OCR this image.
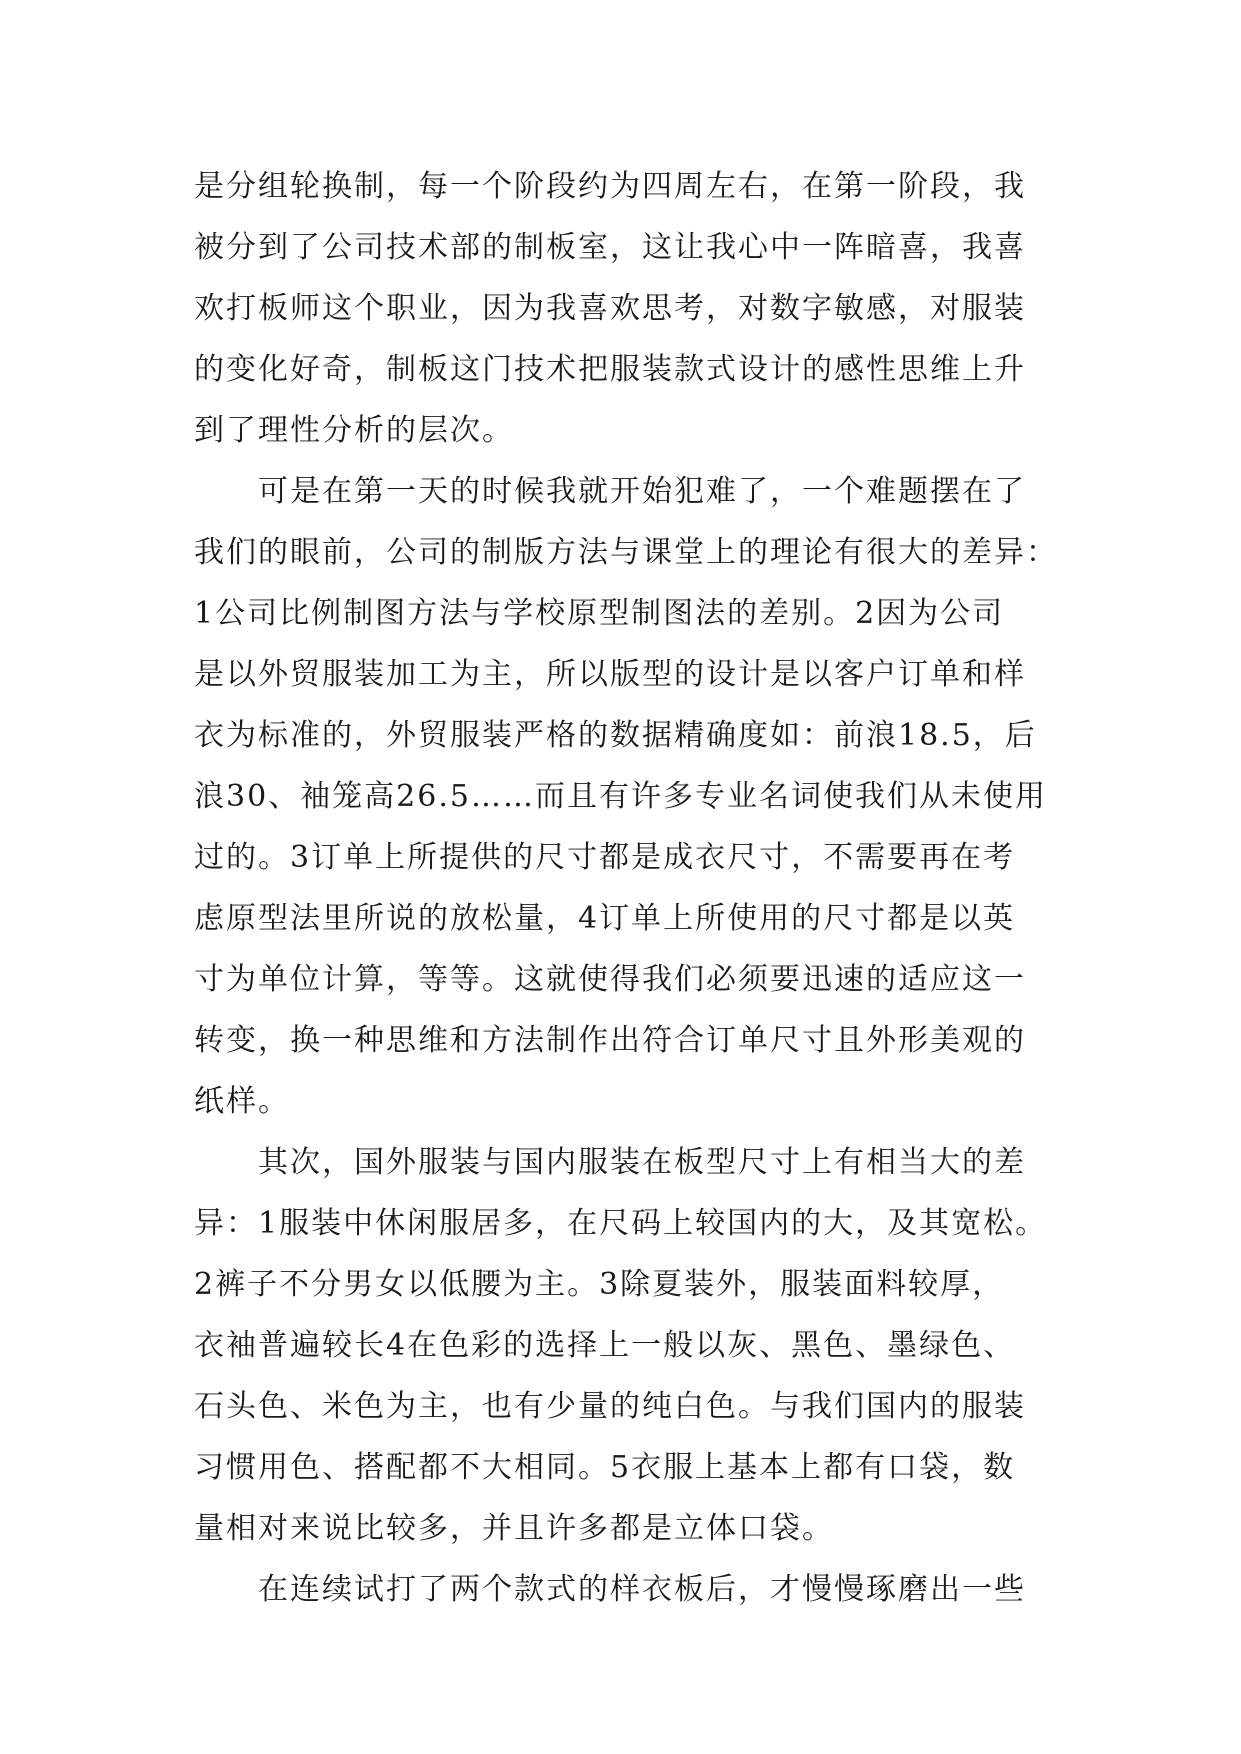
是分组轮换制，每一个阶段约为四周左右，在第一阶段，我
被分到了公司技术部的制板室，这让我心中一阵暗喜，我喜
欢打板师这个职业，因为我喜欢思考，对数字敏感，对服装
的变化好奇，制板这门技术把服装款式设计的感性思维上升
到了理性分析的层次。
可是在第一天的时候我就开始犯难了，一个难题摆在了
我们的眼前，公司的制版方法与课堂上的理论有很大的差异：
1公司比例制图方法与学校原型制图法的差别。2因为公司
是以外贸服装加工为主，所以版型的设计是以客户订单和样
衣为标准的，外贸服装严格的数据精确度如：前浪18.5，后
浪30、袖笼高26.5……而且有许多专业名词使我们从未使用
过的。3订单上所提供的尺寸都是成衣尺寸，不需要再在考
虑原型法里所说的放松量，4订单上所使用的尺寸都是以英
寸为单位计算，等等。这就使得我们必须要迅速的适应这一
转变，换一种思维和方法制作出符合订单尺寸且外形美观的
纸样。
其次，国外服装与国内服装在板型尺寸上有相当大的差
异：1服装中休闲服居多，在尺码上较国内的大，及其宽松。
2裤子不分男女以低腰为主。3除夏装外，服装面料较厚，
衣袖普遍较长4在色彩的选择上一般以灰、黑色、墨绿色、
石头色、米色为主，也有少量的纯白色。与我们国内的服装
习惯用色、搭配都不大相同。5衣服上基本上都有口袋，数
量相对来说比较多，并且许多都是立体口袋。
在连续试打了两个款式的样衣板后，才慢慢琢磨出一些
